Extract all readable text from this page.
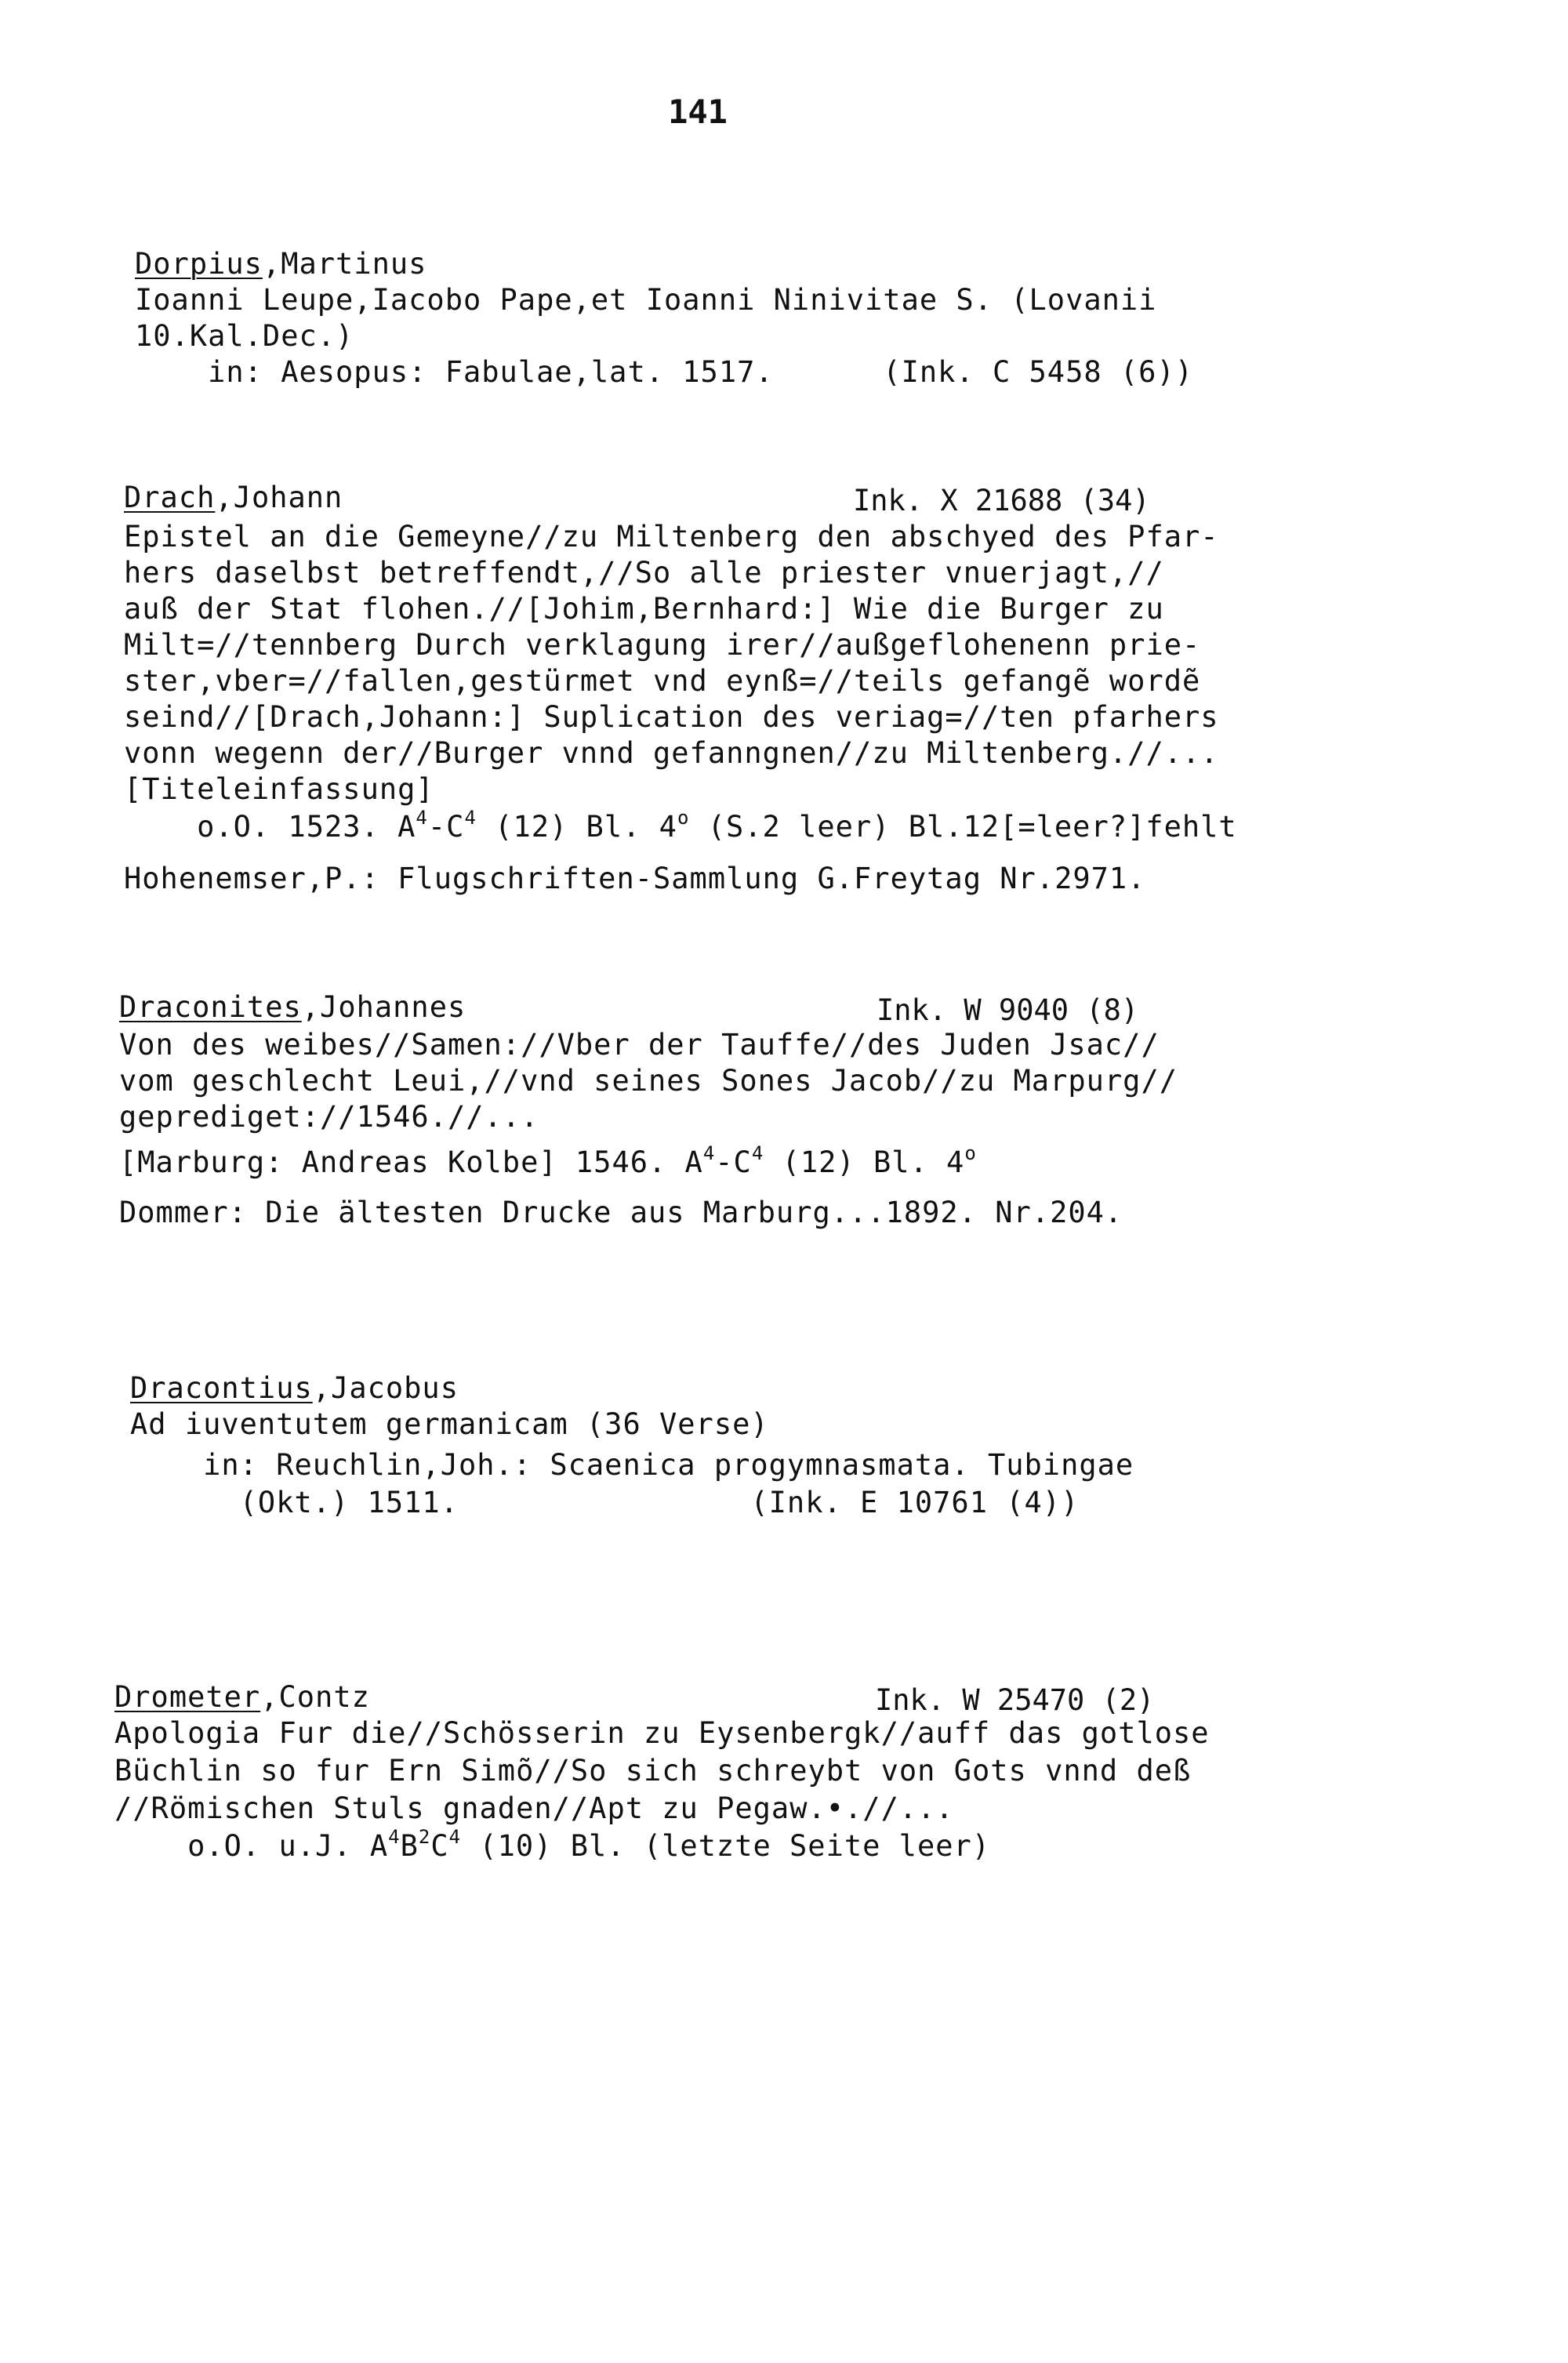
141
Dorpius,Martinus
Ioanni Leupe,Iacobo Pape,et Ioanni Ninivitae S. (Lovanii
10.Kal.Dec.)
in: Aesopus: Fabulae,lat. 1517.      (Ink. C 5458 (6))
Drach,Johann	Ink. X 21688 (34)
Epistel an die Gemeyne//zu Miltenberg den abschyed des Pfar-
hers daselbst betreffendt,//So alle priester vnuerjagt,//
auß der Stat flohen.//[Johim,Bernhard:] Wie die Burger zu
Milt=//tennberg Durch verklagung irer//außgeflohenenn prie-
ster,vber=//fallen,gestürmet vnd eynß=//teils gefangẽ wordẽ
seind//[Drach,Johann:] Suplication des veriag=//ten pfarhers
vonn wegenn der//Burger vnnd gefanngnen//zu Miltenberg.//...
[Titeleinfassung]
o.O. 1523. $A^4-C^4$ (12) Bl. 4$^o$ (S.2 leer) Bl.12[=leer?]fehlt
Hohenemser,P.: Flugschriften-Sammlung G.Freytag Nr.2971.
Draconites,Johannes	Ink. W 9040 (8)
Von des weibes//Samen://Vber der Tauffe//des Juden Jsac//
vom geschlecht Leui,//vnd seines Sones Jacob//zu Marpurg//
geprediget://1546.//...
[Marburg: Andreas Kolbe] 1546. $A^4-C^4$ (12) Bl. 4$^o$
Dommer: Die ältesten Drucke aus Marburg...1892. Nr.204.
Dracontius,Jacobus
Ad iuventutem germanicam (36 Verse)
in: Reuchlin,Joh.: Scaenica progymnasmata. Tubingae
(Okt.) 1511.                (Ink. E 10761 (4))
Drometer,Contz	Ink. W 25470 (2)
Apologia Fur die//Schösserin zu Eysenbergk//auff das gotlose
Büchlin so fur Ern Simõ//So sich schreybt von Gots vnnd deß
//Römischen Stuls gnaden//Apt zu Pegaw.•.//...
o.O. u.J. $A^4B^2C^4$ (10) Bl. (letzte Seite leer)
